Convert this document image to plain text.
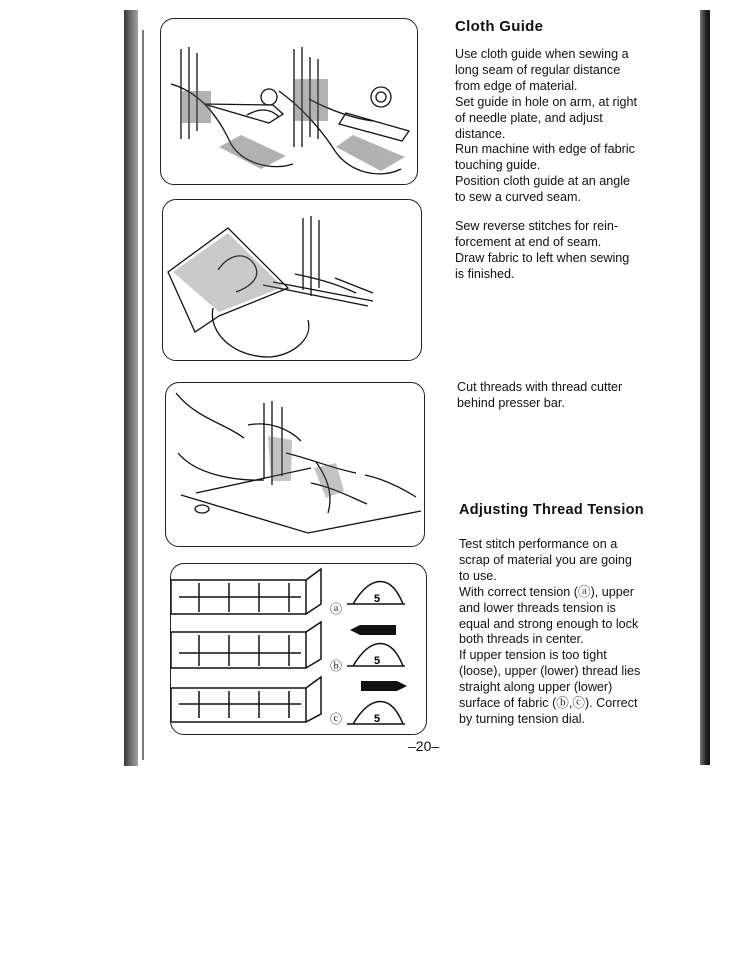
ⓐ
ⓑ
ⓒ
5
5
5
Cloth Guide
Use cloth guide when sewing a
long seam of regular distance
from edge of material.
Set guide in hole on arm, at right
of needle plate, and adjust
distance.
Run machine with edge of fabric
touching guide.
Position cloth guide at an angle
to sew a curved seam.
Sew reverse stitches for rein-
forcement at end of seam.
Draw fabric to left when sewing
is finished.
Cut threads with thread cutter
behind presser bar.
Adjusting Thread Tension
Test stitch performance on a
scrap of material you are going
to use.
With correct tension (ⓐ), upper
and lower threads tension is
equal and strong enough to lock
both threads in center.
If upper tension is too tight
(loose), upper (lower) thread lies
straight along upper (lower)
surface of fabric (ⓑ,ⓒ). Correct
by turning tension dial.
–20–
